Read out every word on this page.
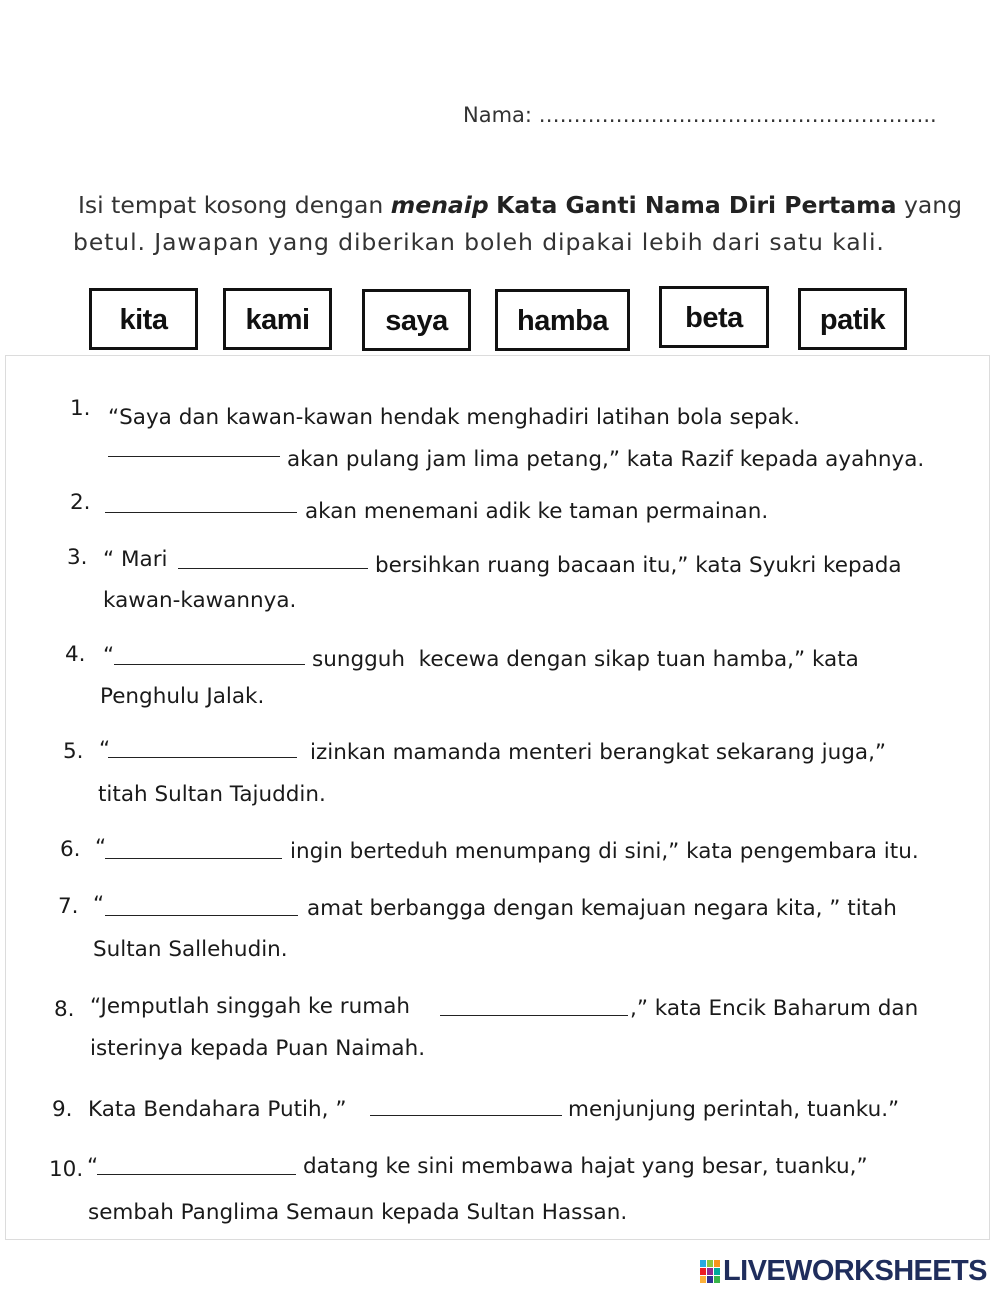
Nama: ………………………………………………...
Isi tempat kosong dengan menaip Kata Ganti Nama Diri Pertama yang
betul. Jawapan yang diberikan boleh dipakai lebih dari satu kali.
kita	kami	saya	hamba	beta	patik
1. “Saya dan kawan-kawan hendak menghadiri latihan bola sepak.
akan pulang jam lima petang,” kata Razif kepada ayahnya.
2.	akan menemani adik ke taman permainan.
3. “ Mari	bersihkan ruang bacaan itu,” kata Syukri kepada
kawan-kawannya.
4. “	sungguh  kecewa dengan sikap tuan hamba,” kata
Penghulu Jalak.
5. “	izinkan mamanda menteri berangkat sekarang juga,”
titah Sultan Tajuddin.
6. “	ingin berteduh menumpang di sini,” kata pengembara itu.
7. “	amat berbangga dengan kemajuan negara kita, ” titah
Sultan Sallehudin.
8. “Jemputlah singgah ke rumah	,” kata Encik Baharum dan
isterinya kepada Puan Naimah.
9. Kata Bendahara Putih, ”	menjunjung perintah, tuanku.”
10. “	datang ke sini membawa hajat yang besar, tuanku,”
sembah Panglima Semaun kepada Sultan Hassan.
LIVEWORKSHEETS
